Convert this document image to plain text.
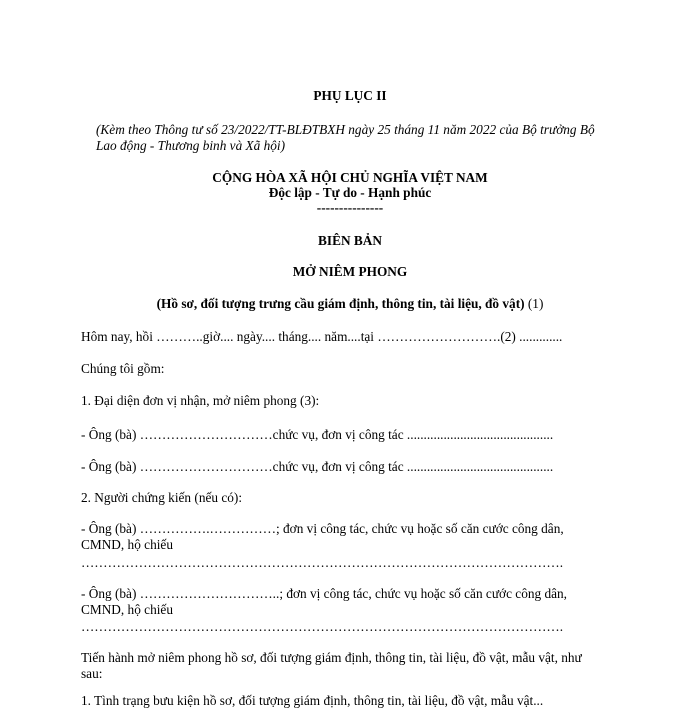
PHỤ LỤC II
(Kèm theo Thông tư số 23/2022/TT-BLĐTBXH ngày 25 tháng 11 năm 2022 của Bộ trưởng Bộ
Lao động - Thương binh và Xã hội)
CỘNG HÒA XÃ HỘI CHỦ NGHĨA VIỆT NAM
Độc lập - Tự do - Hạnh phúc
---------------
BIÊN BẢN
MỞ NIÊM PHONG
(Hồ sơ, đối tượng trưng cầu giám định, thông tin, tài liệu, đồ vật) (1)
Hôm nay, hồi ………..giờ.... ngày.... tháng.... năm....tại ……………………….(2) .............
Chúng tôi gồm:
1. Đại diện đơn vị nhận, mở niêm phong (3):
- Ông (bà) …………………………chức vụ, đơn vị công tác ............................................
- Ông (bà) …………………………chức vụ, đơn vị công tác ............................................
2. Người chứng kiến (nếu có):
- Ông (bà) …………….……………; đơn vị công tác, chức vụ hoặc số căn cước công dân,
CMND, hộ chiếu
……………………………………………………………………………………………….
- Ông (bà) …………………………..; đơn vị công tác, chức vụ hoặc số căn cước công dân,
CMND, hộ chiếu
……………………………………………………………………………………………….
Tiến hành mở niêm phong hồ sơ, đối tượng giám định, thông tin, tài liệu, đồ vật, mẫu vật, như
sau:
1. Tình trạng bưu kiện hồ sơ, đối tượng giám định, thông tin, tài liệu, đồ vật, mẫu vật...
